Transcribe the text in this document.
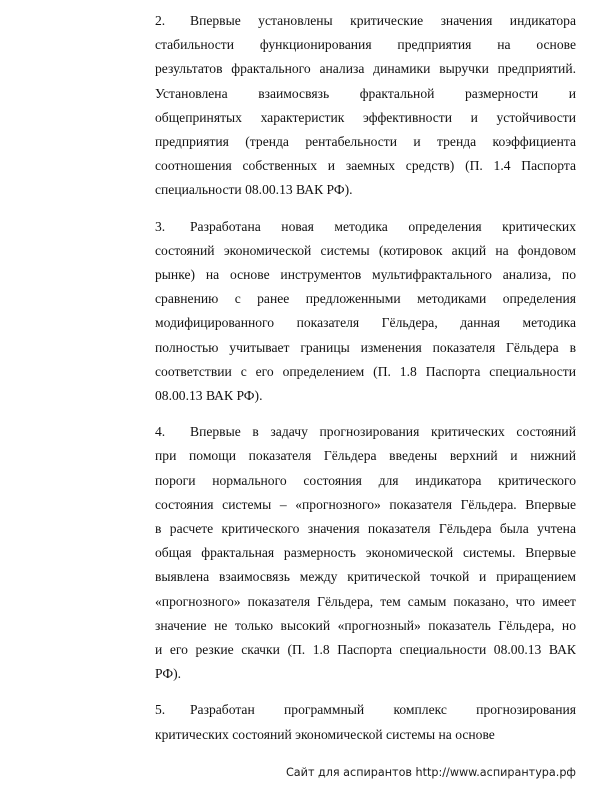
2. Впервые установлены критические значения индикатора
стабильности функционирования предприятия на основе
результатов фрактального анализа динамики выручки предприятий.
Установлена взаимосвязь фрактальной размерности и
общепринятых характеристик эффективности и устойчивости
предприятия (тренда рентабельности и тренда коэффициента
соотношения собственных и заемных средств) (П. 1.4 Паспорта
специальности 08.00.13 ВАК РФ).
3. Разработана новая методика определения критических
состояний экономической системы (котировок акций на фондовом
рынке) на основе инструментов мультифрактального анализа, по
сравнению с ранее предложенными методиками определения
модифицированного показателя Гёльдера, данная методика
полностью учитывает границы изменения показателя Гёльдера в
соответствии с его определением (П. 1.8 Паспорта специальности
08.00.13 ВАК РФ).
4. Впервые в задачу прогнозирования критических состояний
при помощи показателя Гёльдера введены верхний и нижний
пороги нормального состояния для индикатора критического
состояния системы – «прогнозного» показателя Гёльдера. Впервые
в расчете критического значения показателя Гёльдера была учтена
общая фрактальная размерность экономической системы. Впервые
выявлена взаимосвязь между критической точкой и приращением
«прогнозного» показателя Гёльдера, тем самым показано, что имеет
значение не только высокий «прогнозный» показатель Гёльдера, но
и его резкие скачки (П. 1.8 Паспорта специальности 08.00.13 ВАК
РФ).
5. Разработан программный комплекс прогнозирования
критических состояний экономической системы на основе
Сайт для аспирантов http://www.аспирантура.рф
